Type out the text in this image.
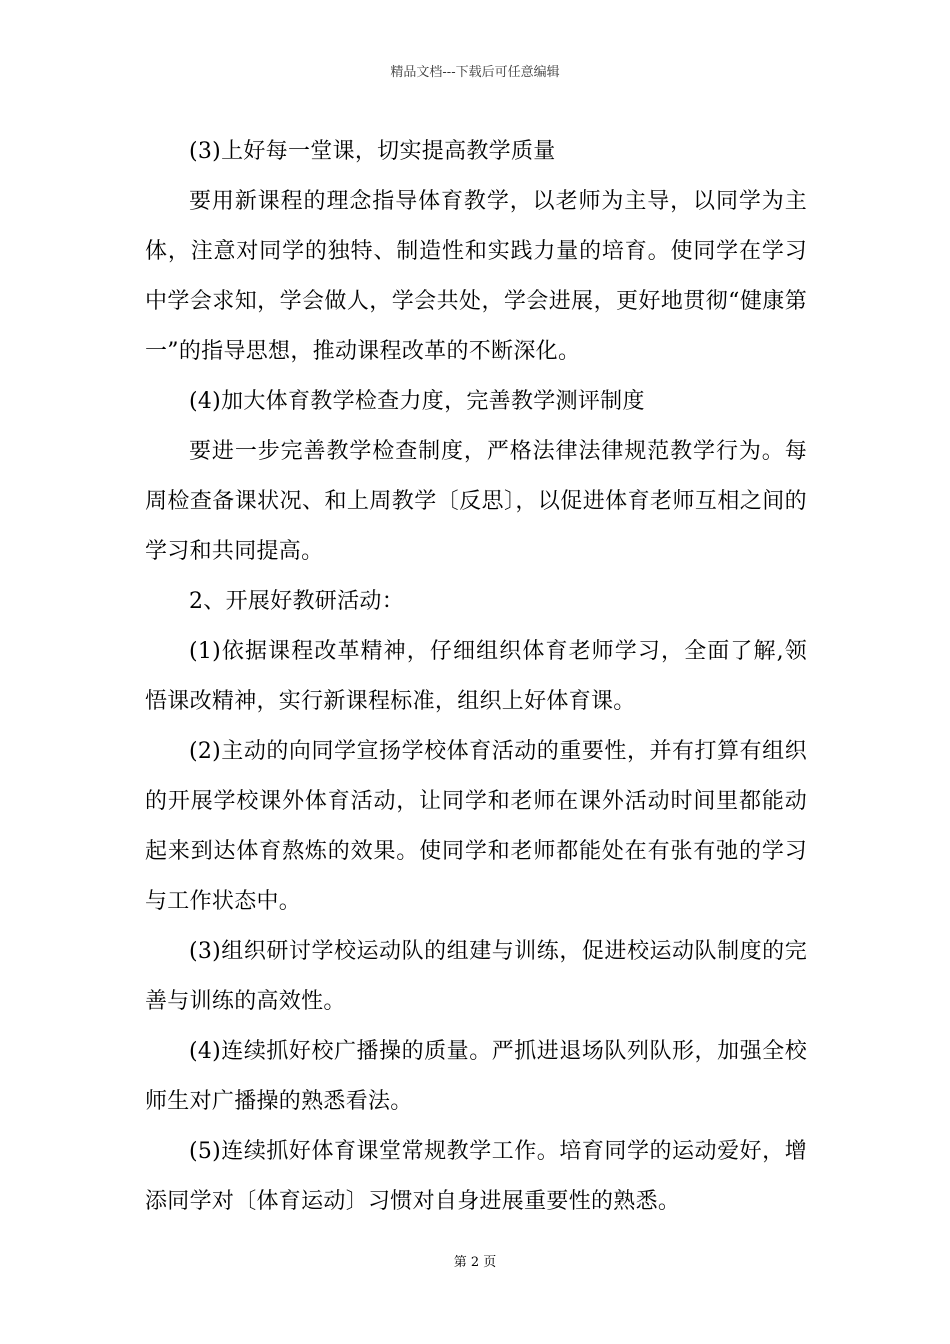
精品文档---下载后可任意编辑

(3)上好每一堂课，切实提高教学质量

要用新课程的理念指导体育教学，以老师为主导，以同学为主体，注意对同学的独特、制造性和实践力量的培育。使同学在学习中学会求知，学会做人，学会共处，学会进展，更好地贯彻“健康第一”的指导思想，推动课程改革的不断深化。

(4)加大体育教学检查力度，完善教学测评制度

要进一步完善教学检查制度，严格法律法律规范教学行为。每周检查备课状况、和上周教学〔反思〕，以促进体育老师互相之间的学习和共同提高。

2、开展好教研活动：

(1)依据课程改革精神，仔细组织体育老师学习，全面了解,领悟课改精神，实行新课程标准，组织上好体育课。

(2)主动的向同学宣扬学校体育活动的重要性，并有打算有组织的开展学校课外体育活动，让同学和老师在课外活动时间里都能动起来到达体育熬炼的效果。使同学和老师都能处在有张有弛的学习与工作状态中。

(3)组织研讨学校运动队的组建与训练，促进校运动队制度的完善与训练的高效性。

(4)连续抓好校广播操的质量。严抓进退场队列队形，加强全校师生对广播操的熟悉看法。

(5)连续抓好体育课堂常规教学工作。培育同学的运动爱好，增添同学对〔体育运动〕习惯对自身进展重要性的熟悉。

第 2 页
